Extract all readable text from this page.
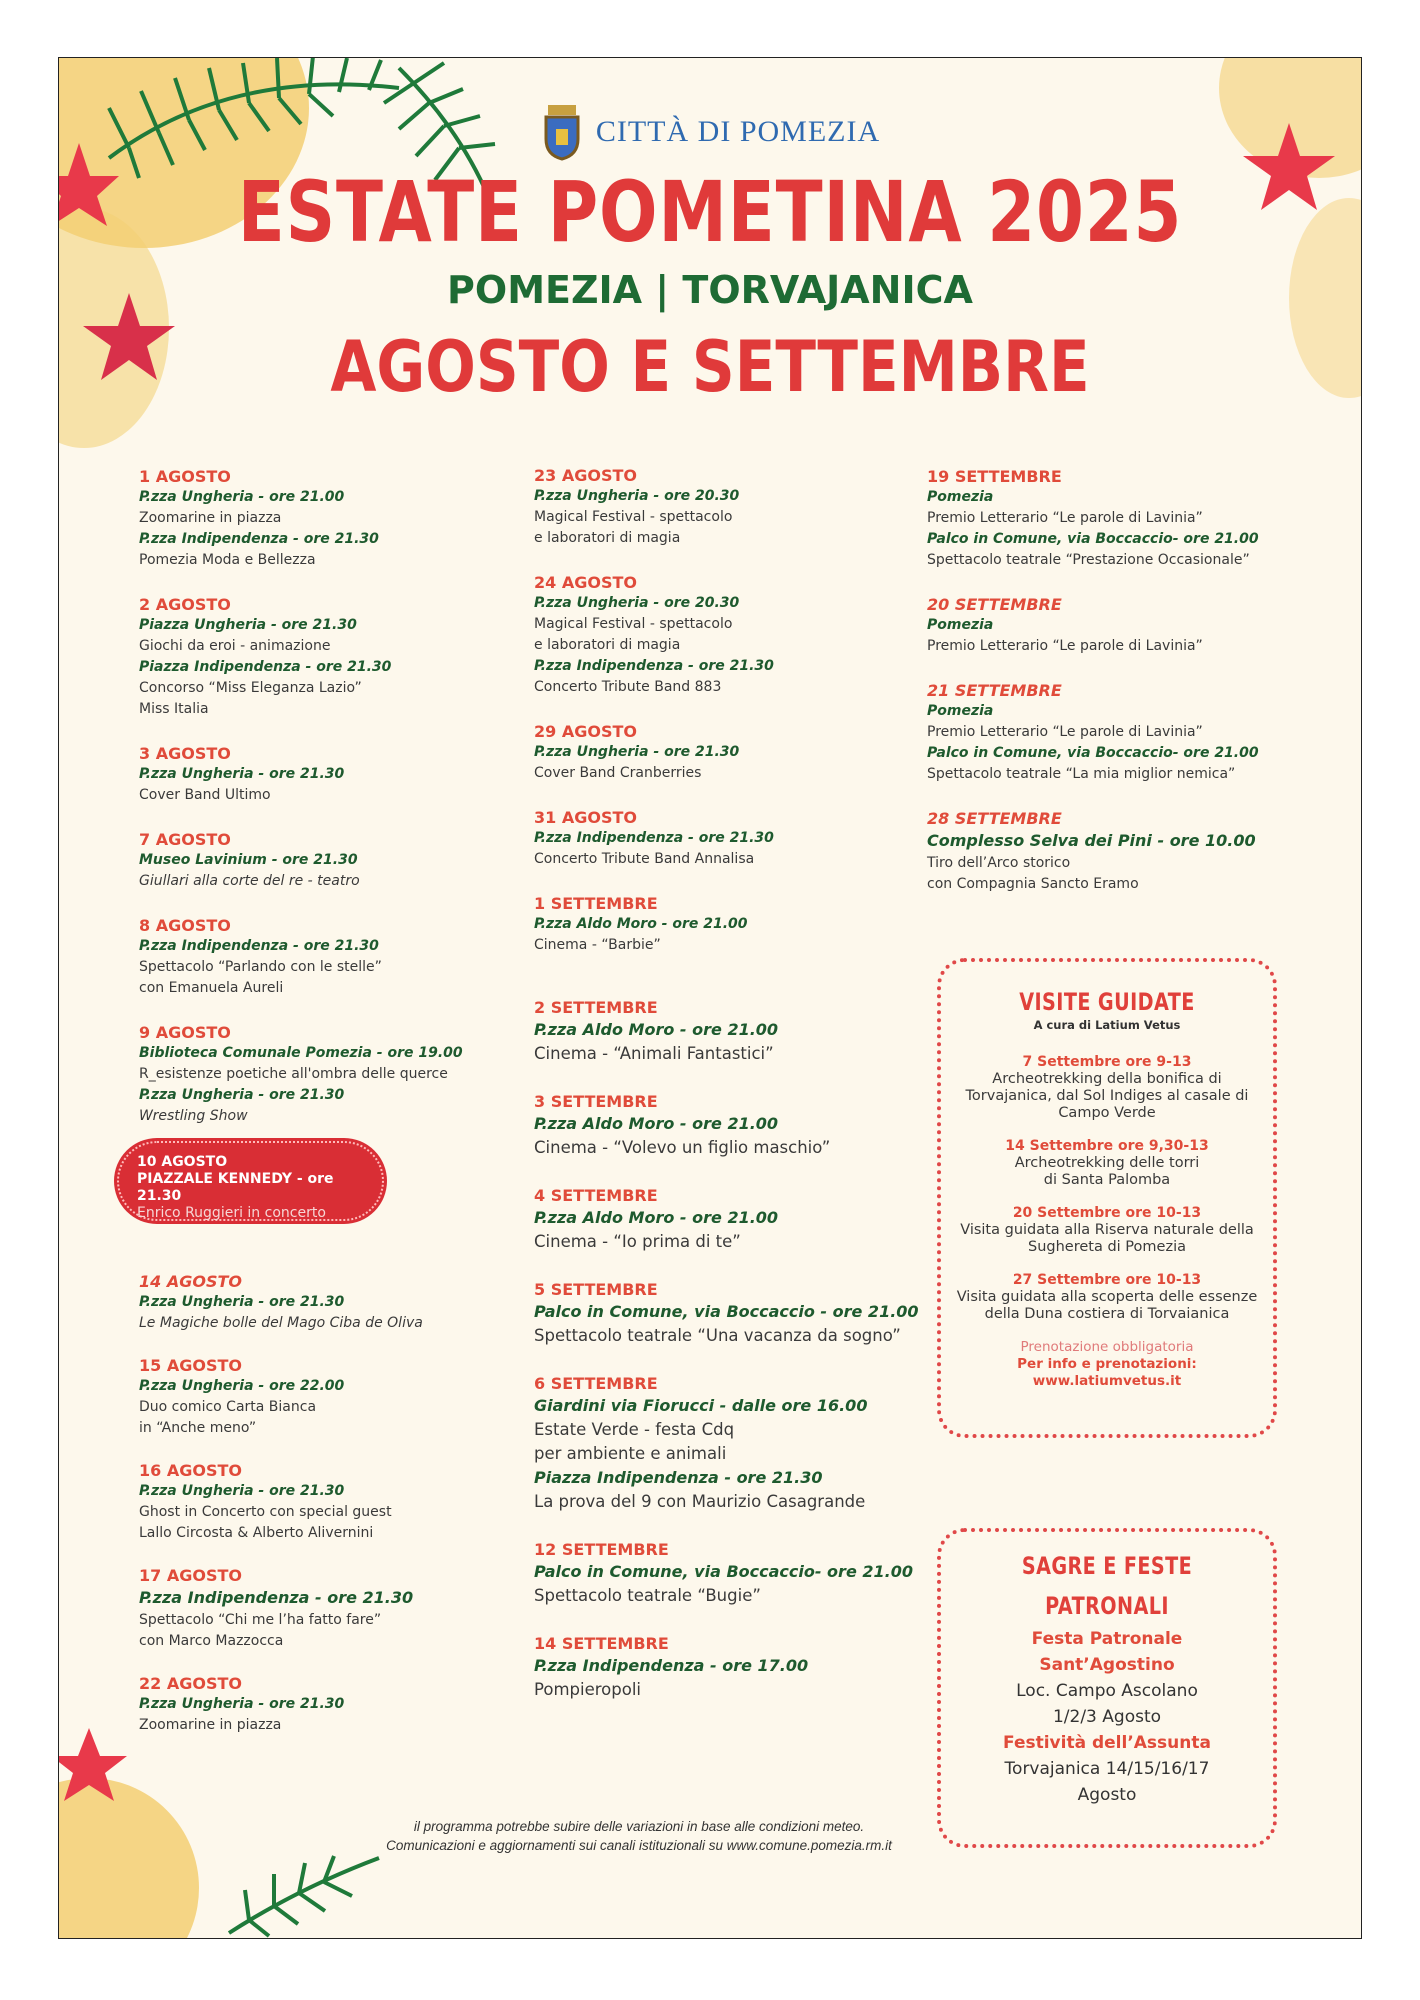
CITTÀ DI POMEZIA
ESTATE POMETINA 2025
POMEZIA | TORVAJANICA
AGOSTO E SETTEMBRE
1 AGOSTO
P.zza Ungheria - ore 21.00
Zoomarine in piazza
P.zza Indipendenza - ore 21.30
Pomezia Moda e Bellezza
2 AGOSTO
Piazza Ungheria - ore 21.30
Giochi da eroi - animazione
Piazza Indipendenza - ore 21.30
Concorso “Miss Eleganza Lazio”
Miss Italia
3 AGOSTO
P.zza Ungheria - ore 21.30
Cover Band Ultimo
7 AGOSTO
Museo Lavinium - ore 21.30
Giullari alla corte del re - teatro
8 AGOSTO
P.zza Indipendenza - ore 21.30
Spettacolo “Parlando con le stelle”
con Emanuela Aureli
9 AGOSTO
Biblioteca Comunale Pomezia - ore 19.00
R_esistenze poetiche all'ombra delle querce
P.zza Ungheria - ore 21.30
Wrestling Show
10 AGOSTO
PIAZZALE KENNEDY - ore 21.30
Enrico Ruggieri in concerto
14 AGOSTO
P.zza Ungheria - ore 21.30
Le Magiche bolle del Mago Ciba de Oliva
15 AGOSTO
P.zza Ungheria - ore 22.00
Duo comico Carta Bianca
in “Anche meno”
16 AGOSTO
P.zza Ungheria - ore 21.30
Ghost in Concerto con special guest
Lallo Circosta & Alberto Alivernini
17 AGOSTO
P.zza Indipendenza - ore 21.30
Spettacolo “Chi me l’ha fatto fare”
con Marco Mazzocca
22 AGOSTO
P.zza Ungheria - ore 21.30
Zoomarine in piazza
23 AGOSTO
P.zza Ungheria - ore 20.30
Magical Festival - spettacolo
e laboratori di magia
24 AGOSTO
P.zza Ungheria - ore 20.30
Magical Festival - spettacolo
e laboratori di magia
P.zza Indipendenza - ore 21.30
Concerto Tribute Band 883
29 AGOSTO
P.zza Ungheria - ore 21.30
Cover Band Cranberries
31 AGOSTO
P.zza Indipendenza - ore 21.30
Concerto Tribute Band Annalisa
1 SETTEMBRE
P.zza Aldo Moro - ore 21.00
Cinema - “Barbie”
2 SETTEMBRE
P.zza Aldo Moro - ore 21.00
Cinema - “Animali Fantastici”
3 SETTEMBRE
P.zza Aldo Moro - ore 21.00
Cinema - “Volevo un figlio maschio”
4 SETTEMBRE
P.zza Aldo Moro - ore 21.00
Cinema - “Io prima di te”
5 SETTEMBRE
Palco in Comune, via Boccaccio - ore 21.00
Spettacolo teatrale “Una vacanza da sogno”
6 SETTEMBRE
Giardini via Fiorucci - dalle ore 16.00
Estate Verde - festa Cdq
per ambiente e animali
Piazza Indipendenza - ore 21.30
La prova del 9 con Maurizio Casagrande
12 SETTEMBRE
Palco in Comune, via Boccaccio- ore 21.00
Spettacolo teatrale “Bugie”
14 SETTEMBRE
P.zza Indipendenza - ore 17.00
Pompieropoli
19 SETTEMBRE
Pomezia
Premio Letterario “Le parole di Lavinia”
Palco in Comune, via Boccaccio- ore 21.00
Spettacolo teatrale “Prestazione Occasionale”
20 SETTEMBRE
Pomezia
Premio Letterario “Le parole di Lavinia”
21 SETTEMBRE
Pomezia
Premio Letterario “Le parole di Lavinia”
Palco in Comune, via Boccaccio- ore 21.00
Spettacolo teatrale “La mia miglior nemica”
28 SETTEMBRE
Complesso Selva dei Pini - ore 10.00
Tiro dell’Arco storico
con Compagnia Sancto Eramo
VISITE GUIDATE
A cura di Latium Vetus
7 Settembre ore 9-13
Archeotrekking della bonifica di
Torvajanica, dal Sol Indiges al casale di
Campo Verde
14 Settembre ore 9,30-13
Archeotrekking delle torri
di Santa Palomba
20 Settembre ore 10-13
Visita guidata alla Riserva naturale della
Sughereta di Pomezia
27 Settembre ore 10-13
Visita guidata alla scoperta delle essenze
della Duna costiera di Torvaianica
Prenotazione obbligatoria
Per info e prenotazioni:
www.latiumvetus.it
SAGRE E FESTE
PATRONALI
Festa Patronale
Sant’Agostino
Loc. Campo Ascolano
1/2/3 Agosto
Festività dell’Assunta
Torvajanica 14/15/16/17
Agosto
il programma potrebbe subire delle variazioni in base alle condizioni meteo.
Comunicazioni e aggiornamenti sui canali istituzionali su www.comune.pomezia.rm.it
